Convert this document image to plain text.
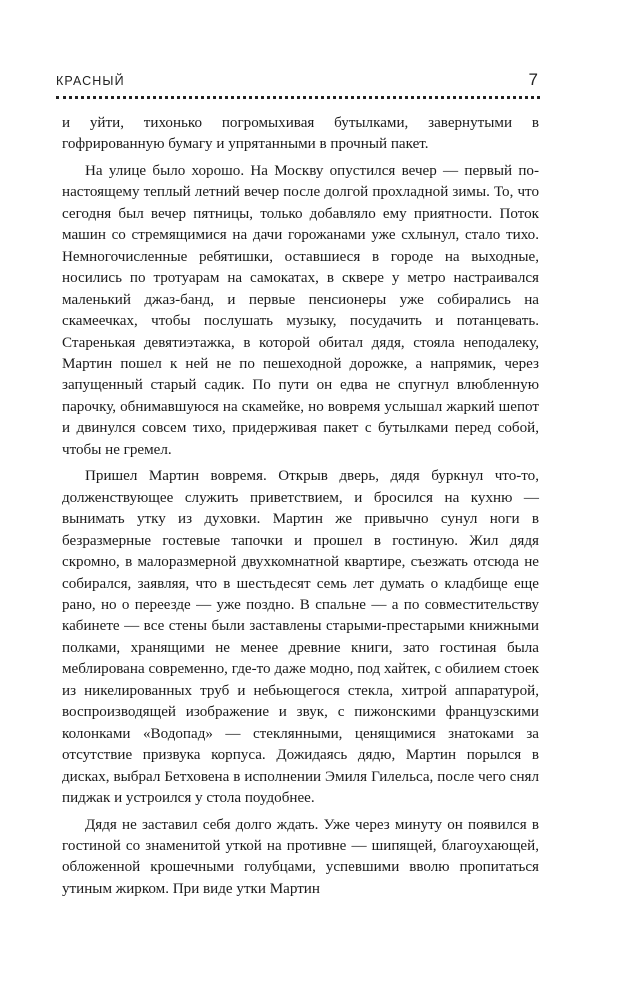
КРАСНЫЙ	7

и уйти, тихонько погромыхивая бутылками, завернутыми в гофрированную бумагу и упрятанными в прочный пакет.

На улице было хорошо. На Москву опустился вечер — первый по-настоящему теплый летний вечер после долгой прохладной зимы. То, что сегодня был вечер пятницы, только добавляло ему приятности. Поток машин со стремящимися на дачи горожанами уже схлынул, стало тихо. Немногочисленные ребятишки, оставшиеся в городе на выходные, носились по тротуарам на самокатах, в сквере у метро настраивался маленький джаз-банд, и первые пенсионеры уже собирались на скамеечках, чтобы послушать музыку, посудачить и потанцевать. Старенькая девятиэтажка, в которой обитал дядя, стояла неподалеку, Мартин пошел к ней не по пешеходной дорожке, а напрямик, через запущенный старый садик. По пути он едва не спугнул влюбленную парочку, обнимавшуюся на скамейке, но вовремя услышал жаркий шепот и двинулся совсем тихо, придерживая пакет с бутылками перед собой, чтобы не гремел.

Пришел Мартин вовремя. Открыв дверь, дядя буркнул что-то, долженствующее служить приветствием, и бросился на кухню — вынимать утку из духовки. Мартин же привычно сунул ноги в безразмерные гостевые тапочки и прошел в гостиную. Жил дядя скромно, в малоразмерной двухкомнатной квартире, съезжать отсюда не собирался, заявляя, что в шестьдесят семь лет думать о кладбище еще рано, но о переезде — уже поздно. В спальне — а по совместительству кабинете — все стены были заставлены старыми-престарыми книжными полками, хранящими не менее древние книги, зато гостиная была меблирована современно, где-то даже модно, под хайтек, с обилием стоек из никелированных труб и небьющегося стекла, хитрой аппаратурой, воспроизводящей изображение и звук, с пижонскими французскими колонками «Водопад» — стеклянными, ценящимися знатоками за отсутствие призвука корпуса. Дожидаясь дядю, Мартин порылся в дисках, выбрал Бетховена в исполнении Эмиля Гилельса, после чего снял пиджак и устроился у стола поудобнее.

Дядя не заставил себя долго ждать. Уже через минуту он появился в гостиной со знаменитой уткой на противне — шипящей, благоухающей, обложенной крошечными голубцами, успевшими вволю пропитаться утиным жирком. При виде утки Мартин
